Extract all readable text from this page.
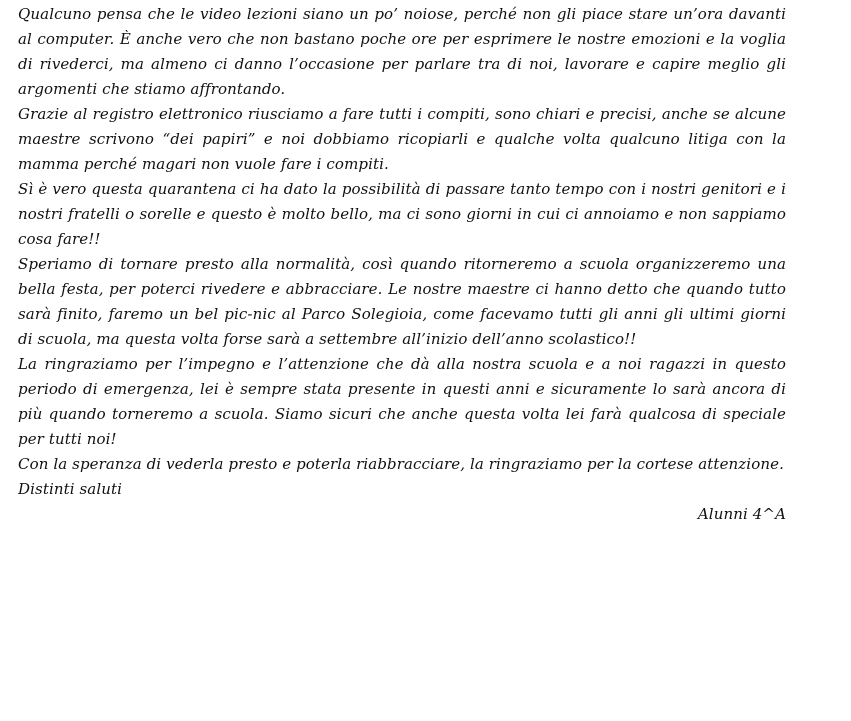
Qualcuno pensa che le video lezioni siano un po’ noiose, perché non gli piace stare un’ora davanti al computer. È anche vero che non bastano poche ore per esprimere le nostre emozioni e la voglia di rivederci, ma almeno ci danno l’occasione per parlare tra di noi, lavorare e capire meglio gli argomenti che stiamo affrontando.

Grazie al registro elettronico riusciamo a fare tutti i compiti, sono chiari e precisi, anche se alcune maestre scrivono “dei papiri” e noi dobbiamo ricopiarli e qualche volta qualcuno litiga con la mamma perché magari non vuole fare i compiti.

Sì è vero questa quarantena ci ha dato la possibilità di passare tanto tempo con i nostri genitori e i nostri fratelli o sorelle e questo è molto bello, ma ci sono giorni in cui ci annoiamo e non sappiamo cosa fare!!

Speriamo di tornare presto alla normalità, così quando ritorneremo a scuola organizzeremo una bella festa, per poterci rivedere e abbracciare. Le nostre maestre ci hanno detto che quando tutto sarà finito, faremo un bel pic-nic al Parco Solegioia, come facevamo tutti gli anni gli ultimi giorni di scuola, ma questa volta forse sarà a settembre all’inizio dell’anno scolastico!!

La ringraziamo per l’impegno e l’attenzione che dà alla nostra scuola e a noi ragazzi in questo periodo di emergenza, lei è sempre stata presente in questi anni e sicuramente lo sarà ancora di più quando torneremo a scuola. Siamo sicuri che anche questa volta lei farà qualcosa di speciale per tutti noi!

Con la speranza di vederla presto e poterla riabbracciare, la ringraziamo per la cortese attenzione.

Distinti saluti

Alunni 4^A
